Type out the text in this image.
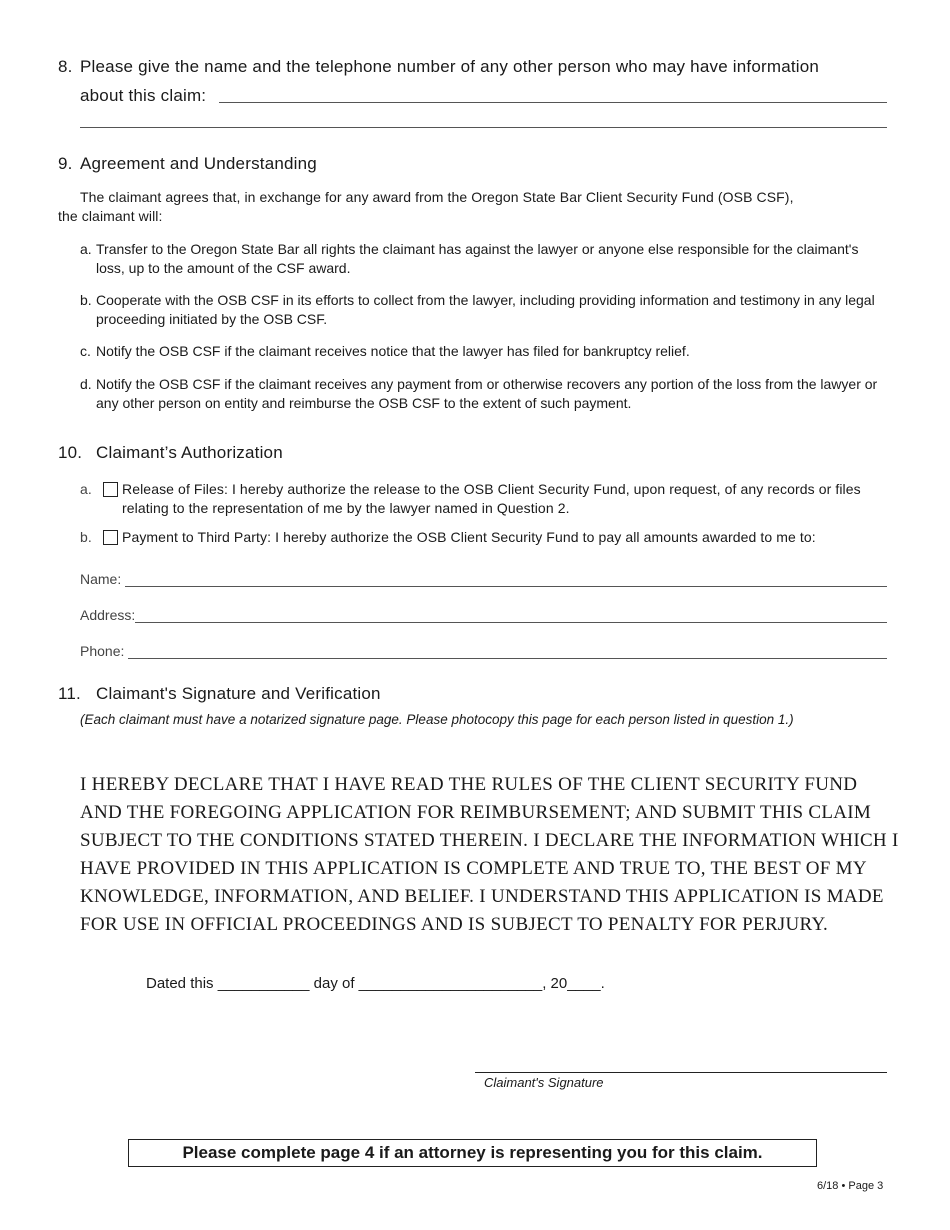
8. Please give the name and the telephone number of any other person who may have information
about this claim:
9. Agreement and Understanding
The claimant agrees that, in exchange for any award from the Oregon State Bar Client Security Fund (OSB CSF),
the claimant will:
a. Transfer to the Oregon State Bar all rights the claimant has against the lawyer or anyone else responsible for the claimant's loss, up to the amount of the CSF award.
b. Cooperate with the OSB CSF in its efforts to collect from the lawyer, including providing information and testimony in any legal proceeding initiated by the OSB CSF.
c. Notify the OSB CSF if the claimant receives notice that the lawyer has filed for bankruptcy relief.
d. Notify the OSB CSF if the claimant receives any payment from or otherwise recovers any portion of the loss from the lawyer or any other person on entity and reimburse the OSB CSF to the extent of such payment.
10. Claimant’s Authorization
a. Release of Files: I hereby authorize the release to the OSB Client Security Fund, upon request, of any records or files relating to the representation of me by the lawyer named in Question 2.
b. Payment to Third Party: I hereby authorize the OSB Client Security Fund to pay all amounts awarded to me to:
Name:
Address:
Phone:
11. Claimant's Signature and Verification
(Each claimant must have a notarized signature page. Please photocopy this page for each person listed in question 1.)
I HEREBY DECLARE THAT I HAVE READ THE RULES OF THE CLIENT SECURITY FUND
AND THE FOREGOING APPLICATION FOR REIMBURSEMENT; AND SUBMIT THIS CLAIM
SUBJECT TO THE CONDITIONS STATED THEREIN. I DECLARE THE INFORMATION WHICH I
HAVE PROVIDED IN THIS APPLICATION IS COMPLETE AND TRUE TO, THE BEST OF MY
KNOWLEDGE, INFORMATION, AND BELIEF. I UNDERSTAND THIS APPLICATION IS MADE
FOR USE IN OFFICIAL PROCEEDINGS AND IS SUBJECT TO PENALTY FOR PERJURY.
Dated this ___________ day of ______________________, 20____.
Claimant's Signature
Please complete page 4 if an attorney is representing you for this claim.
6/18 • Page 3
